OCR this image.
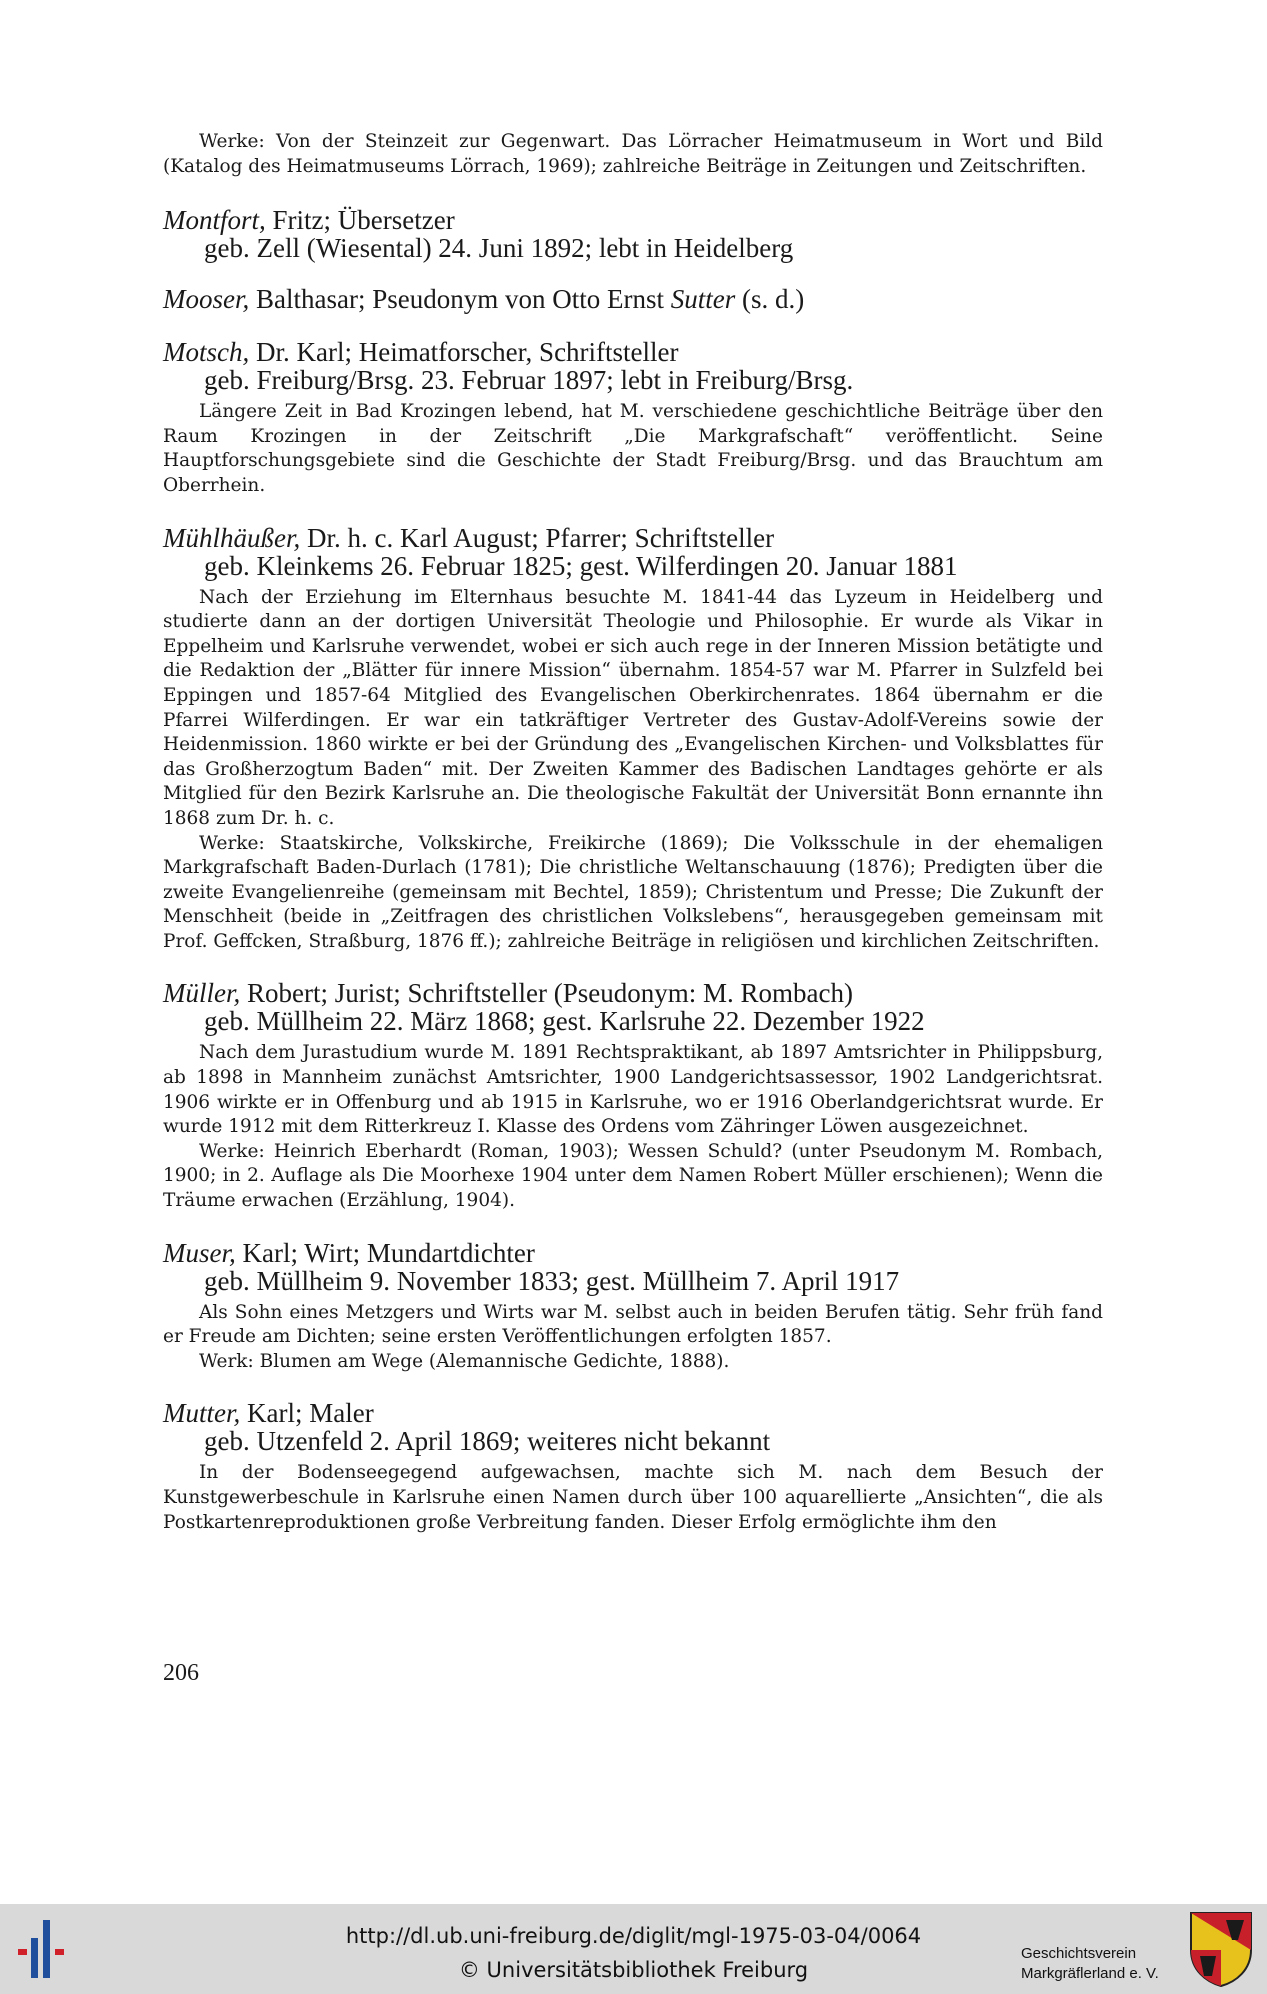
Werke: Von der Steinzeit zur Gegenwart. Das Lörracher Heimatmuseum in Wort und Bild (Katalog des Heimatmuseums Lörrach, 1969); zahlreiche Beiträge in Zeitungen und Zeitschriften.

Montfort, Fritz; Übersetzer

geb. Zell (Wiesental) 24. Juni 1892; lebt in Heidelberg

Mooser, Balthasar; Pseudonym von Otto Ernst Sutter (s. d.)

Motsch, Dr. Karl; Heimatforscher, Schriftsteller

geb. Freiburg/Brsg. 23. Februar 1897; lebt in Freiburg/Brsg.

Längere Zeit in Bad Krozingen lebend, hat M. verschiedene geschichtliche Beiträge über den Raum Krozingen in der Zeitschrift „Die Markgrafschaft“ veröffentlicht. Seine Hauptforschungsgebiete sind die Geschichte der Stadt Freiburg/Brsg. und das Brauchtum am Oberrhein.

Mühlhäußer, Dr. h. c. Karl August; Pfarrer; Schriftsteller

geb. Kleinkems 26. Februar 1825; gest. Wilferdingen 20. Januar 1881

Nach der Erziehung im Elternhaus besuchte M. 1841-44 das Lyzeum in Heidelberg und studierte dann an der dortigen Universität Theologie und Philosophie. Er wurde als Vikar in Eppelheim und Karlsruhe verwendet, wobei er sich auch rege in der Inneren Mission betätigte und die Redaktion der „Blätter für innere Mission“ übernahm. 1854-57 war M. Pfarrer in Sulzfeld bei Eppingen und 1857-64 Mitglied des Evangelischen Oberkirchenrates. 1864 übernahm er die Pfarrei Wilferdingen. Er war ein tatkräftiger Vertreter des Gustav-Adolf-Vereins sowie der Heidenmission. 1860 wirkte er bei der Gründung des „Evangelischen Kirchen- und Volksblattes für das Großherzogtum Baden“ mit. Der Zweiten Kammer des Badischen Landtages gehörte er als Mitglied für den Bezirk Karlsruhe an. Die theologische Fakultät der Universität Bonn ernannte ihn 1868 zum Dr. h. c.

Werke: Staatskirche, Volkskirche, Freikirche (1869); Die Volksschule in der ehemaligen Markgrafschaft Baden-Durlach (1781); Die christliche Weltanschauung (1876); Predigten über die zweite Evangelienreihe (gemeinsam mit Bechtel, 1859); Christentum und Presse; Die Zukunft der Menschheit (beide in „Zeitfragen des christlichen Volkslebens“, herausgegeben gemeinsam mit Prof. Geffcken, Straßburg, 1876 ff.); zahlreiche Beiträge in religiösen und kirchlichen Zeitschriften.

Müller, Robert; Jurist; Schriftsteller (Pseudonym: M. Rombach)

geb. Müllheim 22. März 1868; gest. Karlsruhe 22. Dezember 1922

Nach dem Jurastudium wurde M. 1891 Rechtspraktikant, ab 1897 Amtsrichter in Philippsburg, ab 1898 in Mannheim zunächst Amtsrichter, 1900 Landgerichtsassessor, 1902 Landgerichtsrat. 1906 wirkte er in Offenburg und ab 1915 in Karlsruhe, wo er 1916 Oberlandgerichtsrat wurde. Er wurde 1912 mit dem Ritterkreuz I. Klasse des Ordens vom Zähringer Löwen ausgezeichnet.

Werke: Heinrich Eberhardt (Roman, 1903); Wessen Schuld? (unter Pseudonym M. Rombach, 1900; in 2. Auflage als Die Moorhexe 1904 unter dem Namen Robert Müller erschienen); Wenn die Träume erwachen (Erzählung, 1904).

Muser, Karl; Wirt; Mundartdichter

geb. Müllheim 9. November 1833; gest. Müllheim 7. April 1917

Als Sohn eines Metzgers und Wirts war M. selbst auch in beiden Berufen tätig. Sehr früh fand er Freude am Dichten; seine ersten Veröffentlichungen erfolgten 1857.

Werk: Blumen am Wege (Alemannische Gedichte, 1888).

Mutter, Karl; Maler

geb. Utzenfeld 2. April 1869; weiteres nicht bekannt

In der Bodenseegegend aufgewachsen, machte sich M. nach dem Besuch der Kunstgewerbeschule in Karlsruhe einen Namen durch über 100 aquarellierte „Ansichten“, die als Postkartenreproduktionen große Verbreitung fanden. Dieser Erfolg ermöglichte ihm den

206
http://dl.ub.uni-freiburg.de/diglit/mgl-1975-03-04/0064
© Universitätsbibliothek Freiburg
Geschichtsverein
Markgräflerland e. V.
